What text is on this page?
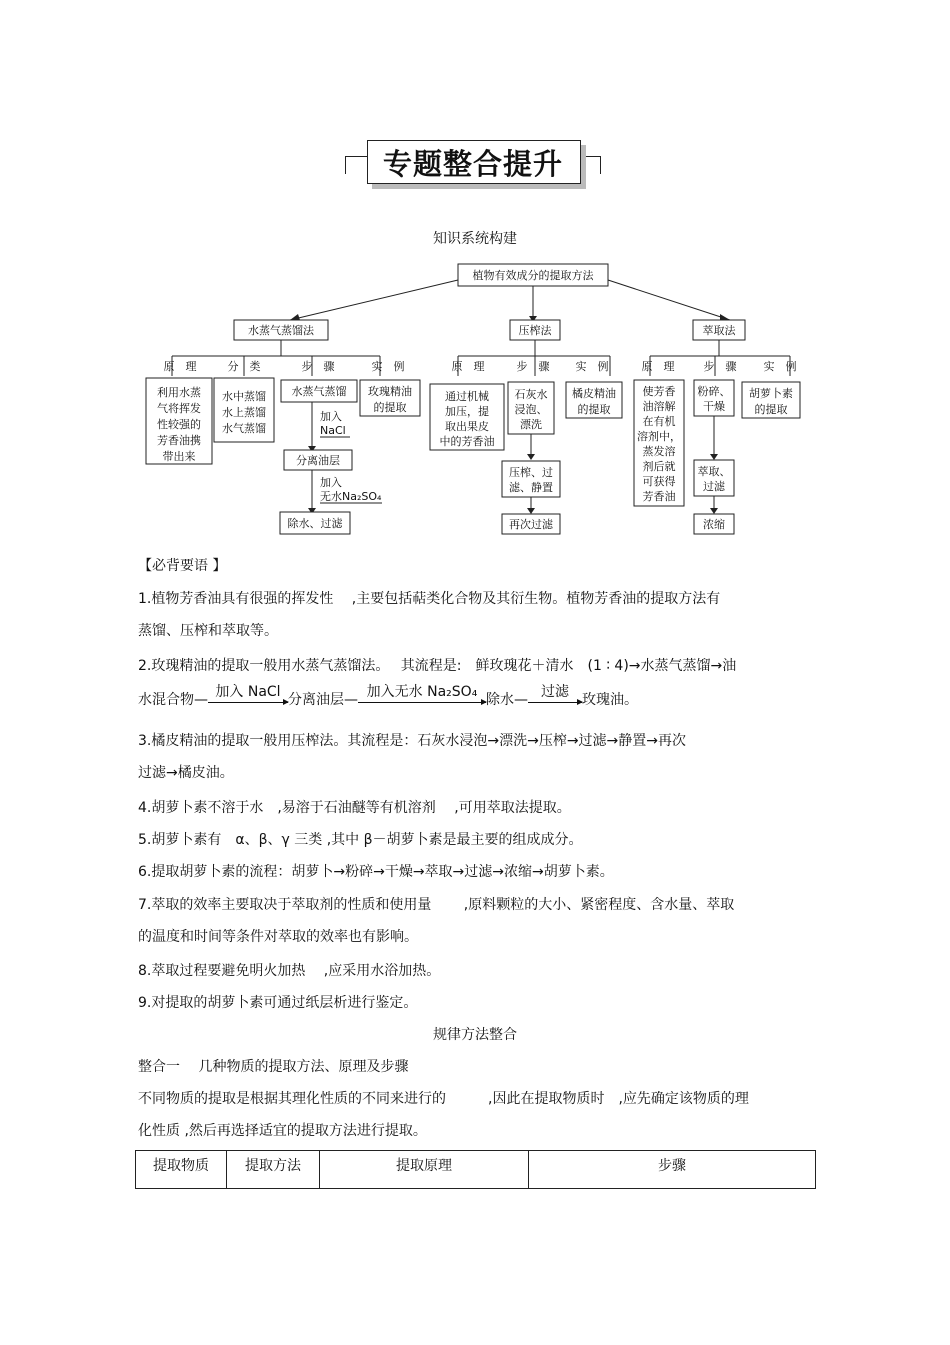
专题整合提升
知识系统构建
植物有效成分的提取方法
水蒸气蒸馏法	压榨法	萃取法
原　理	分　类	步　骤	实　例
利用水蒸
气将挥发
性较强的
芳香油携
带出来
水中蒸馏
水上蒸馏
水气蒸馏
水蒸气蒸馏
加入
NaCl
分离油层
加入
无水Na₂SO₄
除水、过滤
玫瑰精油
的提取
原　理	步　骤 实　例
通过机械
加压，提
取出果皮
中的芳香油
石灰水
浸泡、
漂洗
压榨、过
滤、静置
再次过滤
橘皮精油
的提取
原　理	步　骤 实　例
使芳香
油溶解
在有机
溶剂中，
蒸发溶
剂后就
可获得
芳香油
粉碎、
干燥
萃取、
过滤
浓缩
胡萝卜素
的提取
【必背要语 】
1.植物芳香油具有很强的挥发性　 ,主要包括萜类化合物及其衍生物。植物芳香油的提取方法有
蒸馏、压榨和萃取等。
2.玫瑰精油的提取一般用水蒸气蒸馏法。　 其流程是:　鲜玫瑰花＋清水　(1 ∶ 4)→水蒸气蒸馏→油
水混合物— 加入 NaCl 分离油层— 加入无水 Na₂SO₄ 除水— 过滤 玫瑰油。
3.橘皮精油的提取一般用压榨法。其流程是：石灰水浸泡→漂洗→压榨→过滤→静置→再次
过滤→橘皮油。
4.胡萝卜素不溶于水　,易溶于石油醚等有机溶剂　 ,可用萃取法提取。
5.胡萝卜素有　α、β、γ 三类 ,其中 β－胡萝卜素是最主要的组成成分。
6.提取胡萝卜素的流程：胡萝卜→粉碎→干燥→萃取→过滤→浓缩→胡萝卜素。
7.萃取的效率主要取决于萃取剂的性质和使用量　　 ,原料颗粒的大小、紧密程度、含水量、萃取
的温度和时间等条件对萃取的效率也有影响。
8.萃取过程要避免明火加热　 ,应采用水浴加热。
9.对提取的胡萝卜素可通过纸层析进行鉴定。
规律方法整合
整合一　 几种物质的提取方法、原理及步骤
不同物质的提取是根据其理化性质的不同来进行的　　　,因此在提取物质时　,应先确定该物质的理
化性质 ,然后再选择适宜的提取方法进行提取。
提取物质	提取方法	提取原理	步骤
